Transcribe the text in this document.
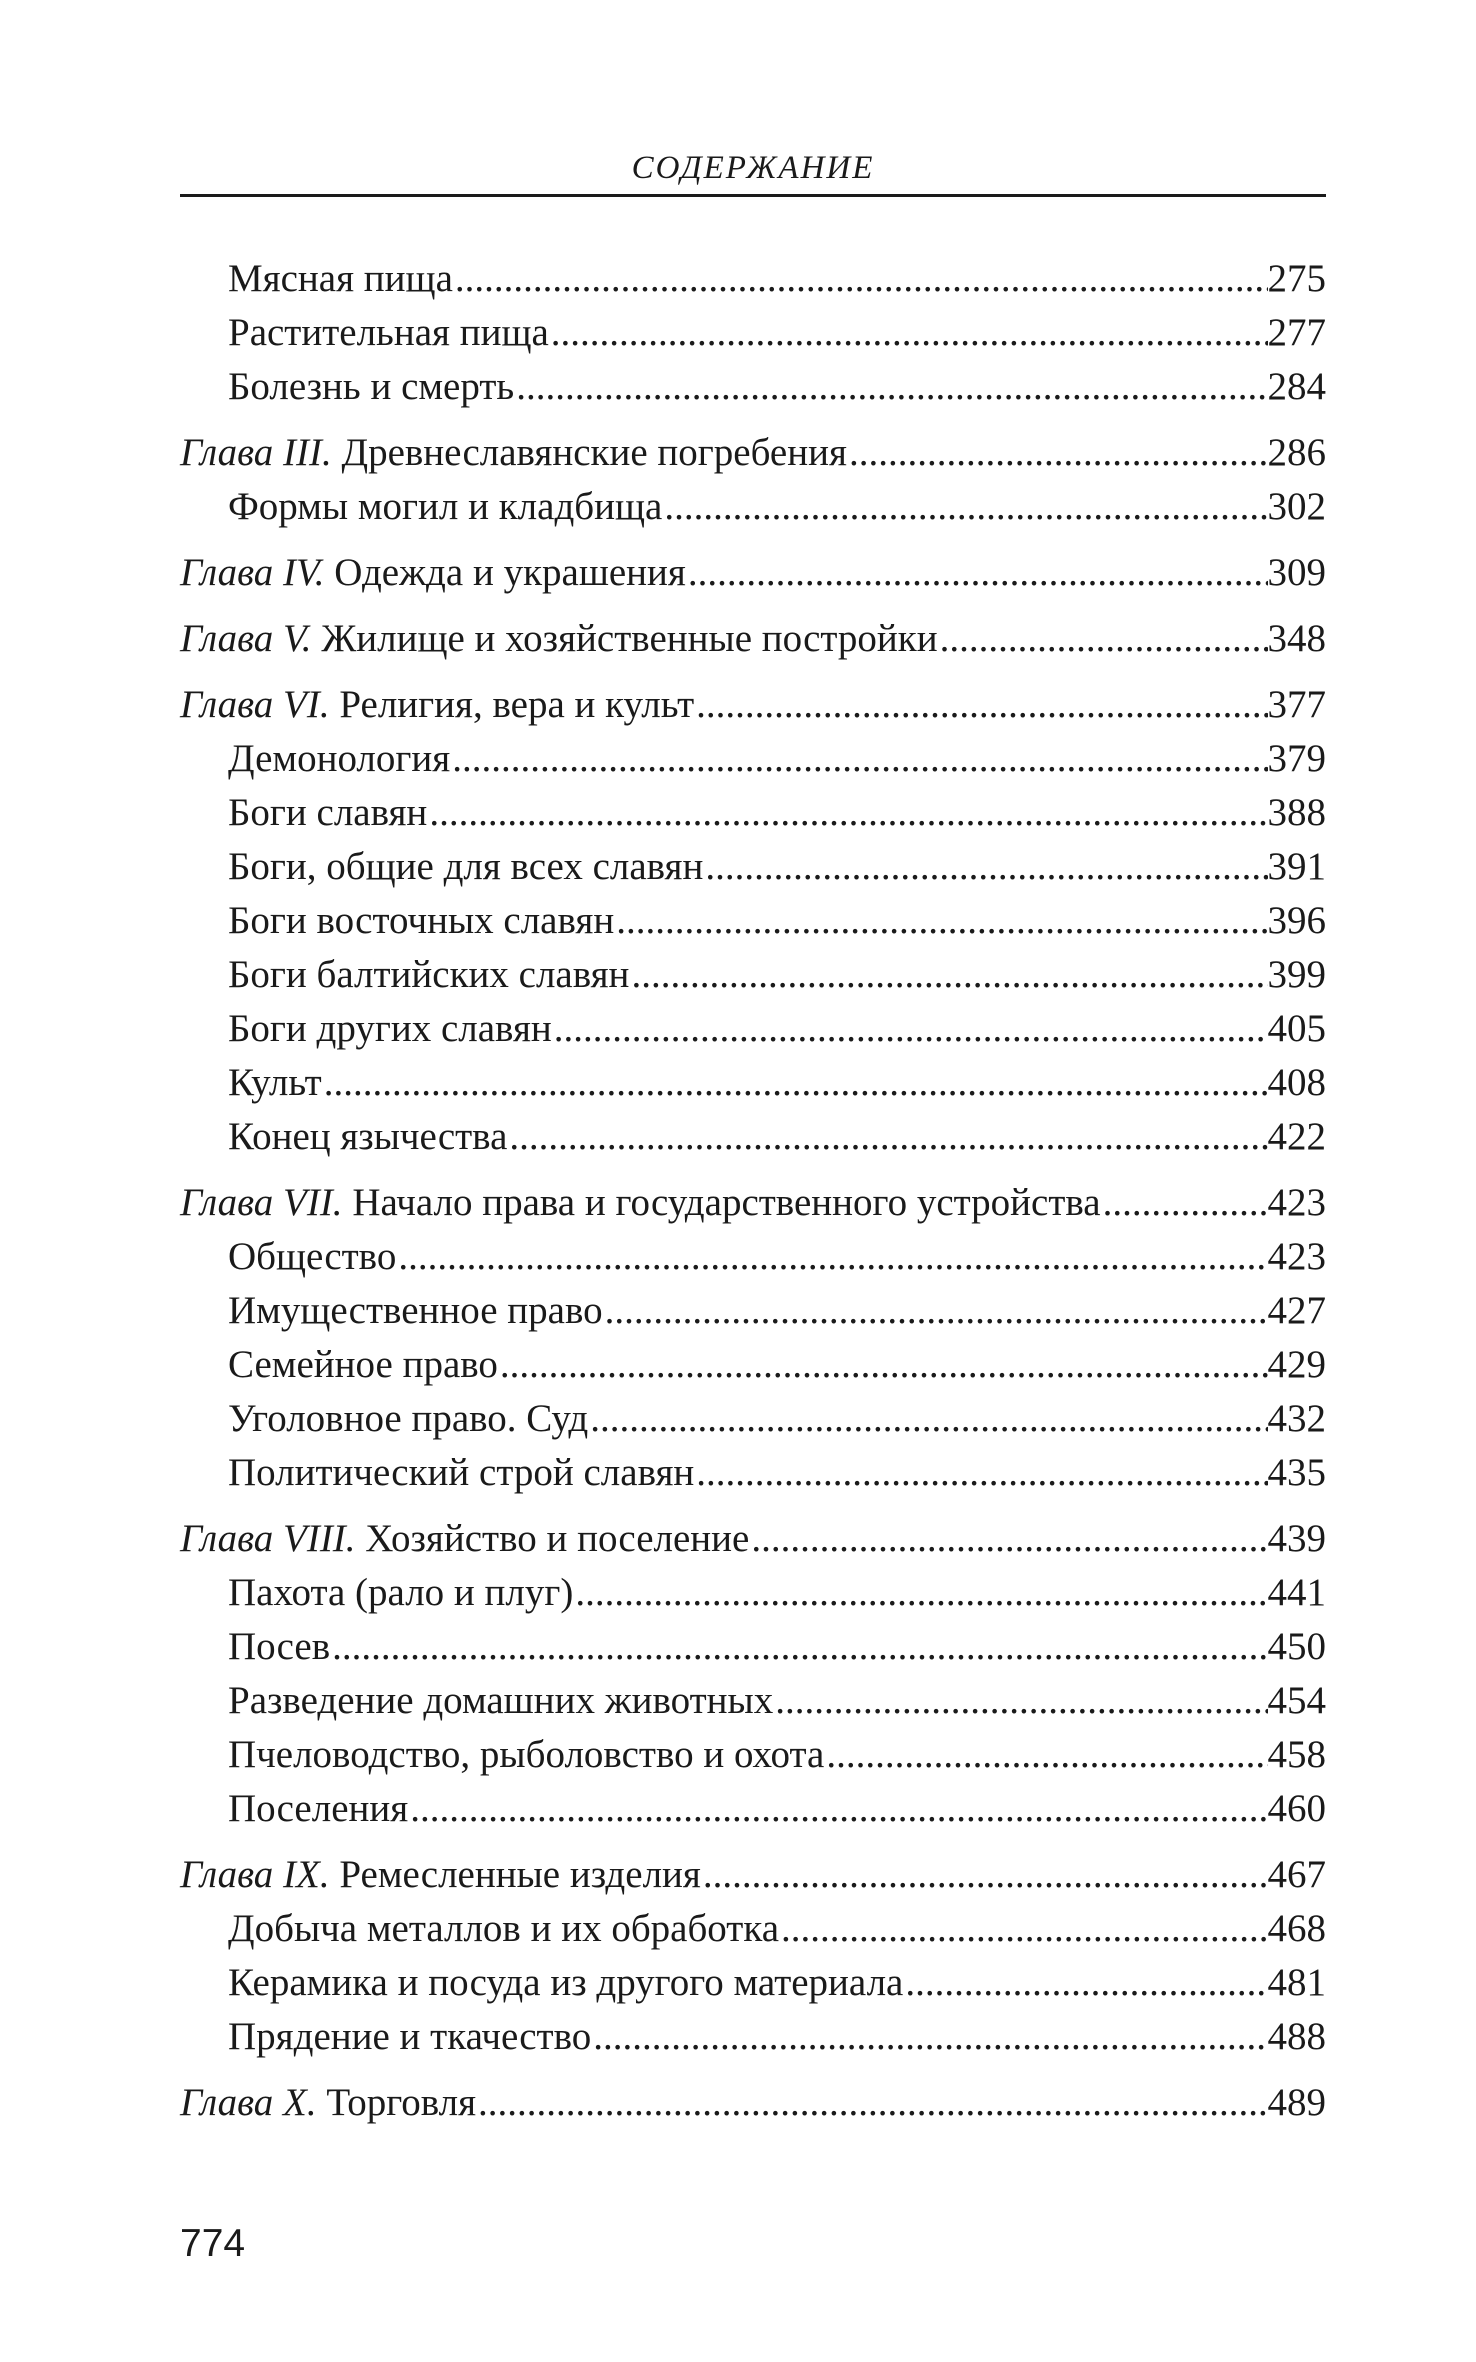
СОДЕРЖАНИЕ
Мясная пища .....	275
Растительная пища .....	277
Болезнь и смерть .....	284
Глава III. Древнеславянские погребения .....	286
Формы могил и кладбища .....	302
Глава IV. Одежда и украшения .....	309
Глава V. Жилище и хозяйственные постройки .....	348
Глава VI. Религия, вера и культ .....	377
Демонология .....	379
Боги славян .....	388
Боги, общие для всех славян .....	391
Боги восточных славян .....	396
Боги балтийских славян .....	399
Боги других славян .....	405
Культ .....	408
Конец язычества .....	422
Глава VII. Начало права и государственного устройства .....	423
Общество .....	423
Имущественное право .....	427
Семейное право .....	429
Уголовное право. Суд .....	432
Политический строй славян .....	435
Глава VIII. Хозяйство и поселение .....	439
Пахота (рало и плуг) .....	441
Посев .....	450
Разведение домашних животных .....	454
Пчеловодство, рыболовство и охота .....	458
Поселения .....	460
Глава IX. Ремесленные изделия .....	467
Добыча металлов и их обработка .....	468
Керамика и посуда из другого материала .....	481
Прядение и ткачество .....	488
Глава X. Торговля .....	489
774
